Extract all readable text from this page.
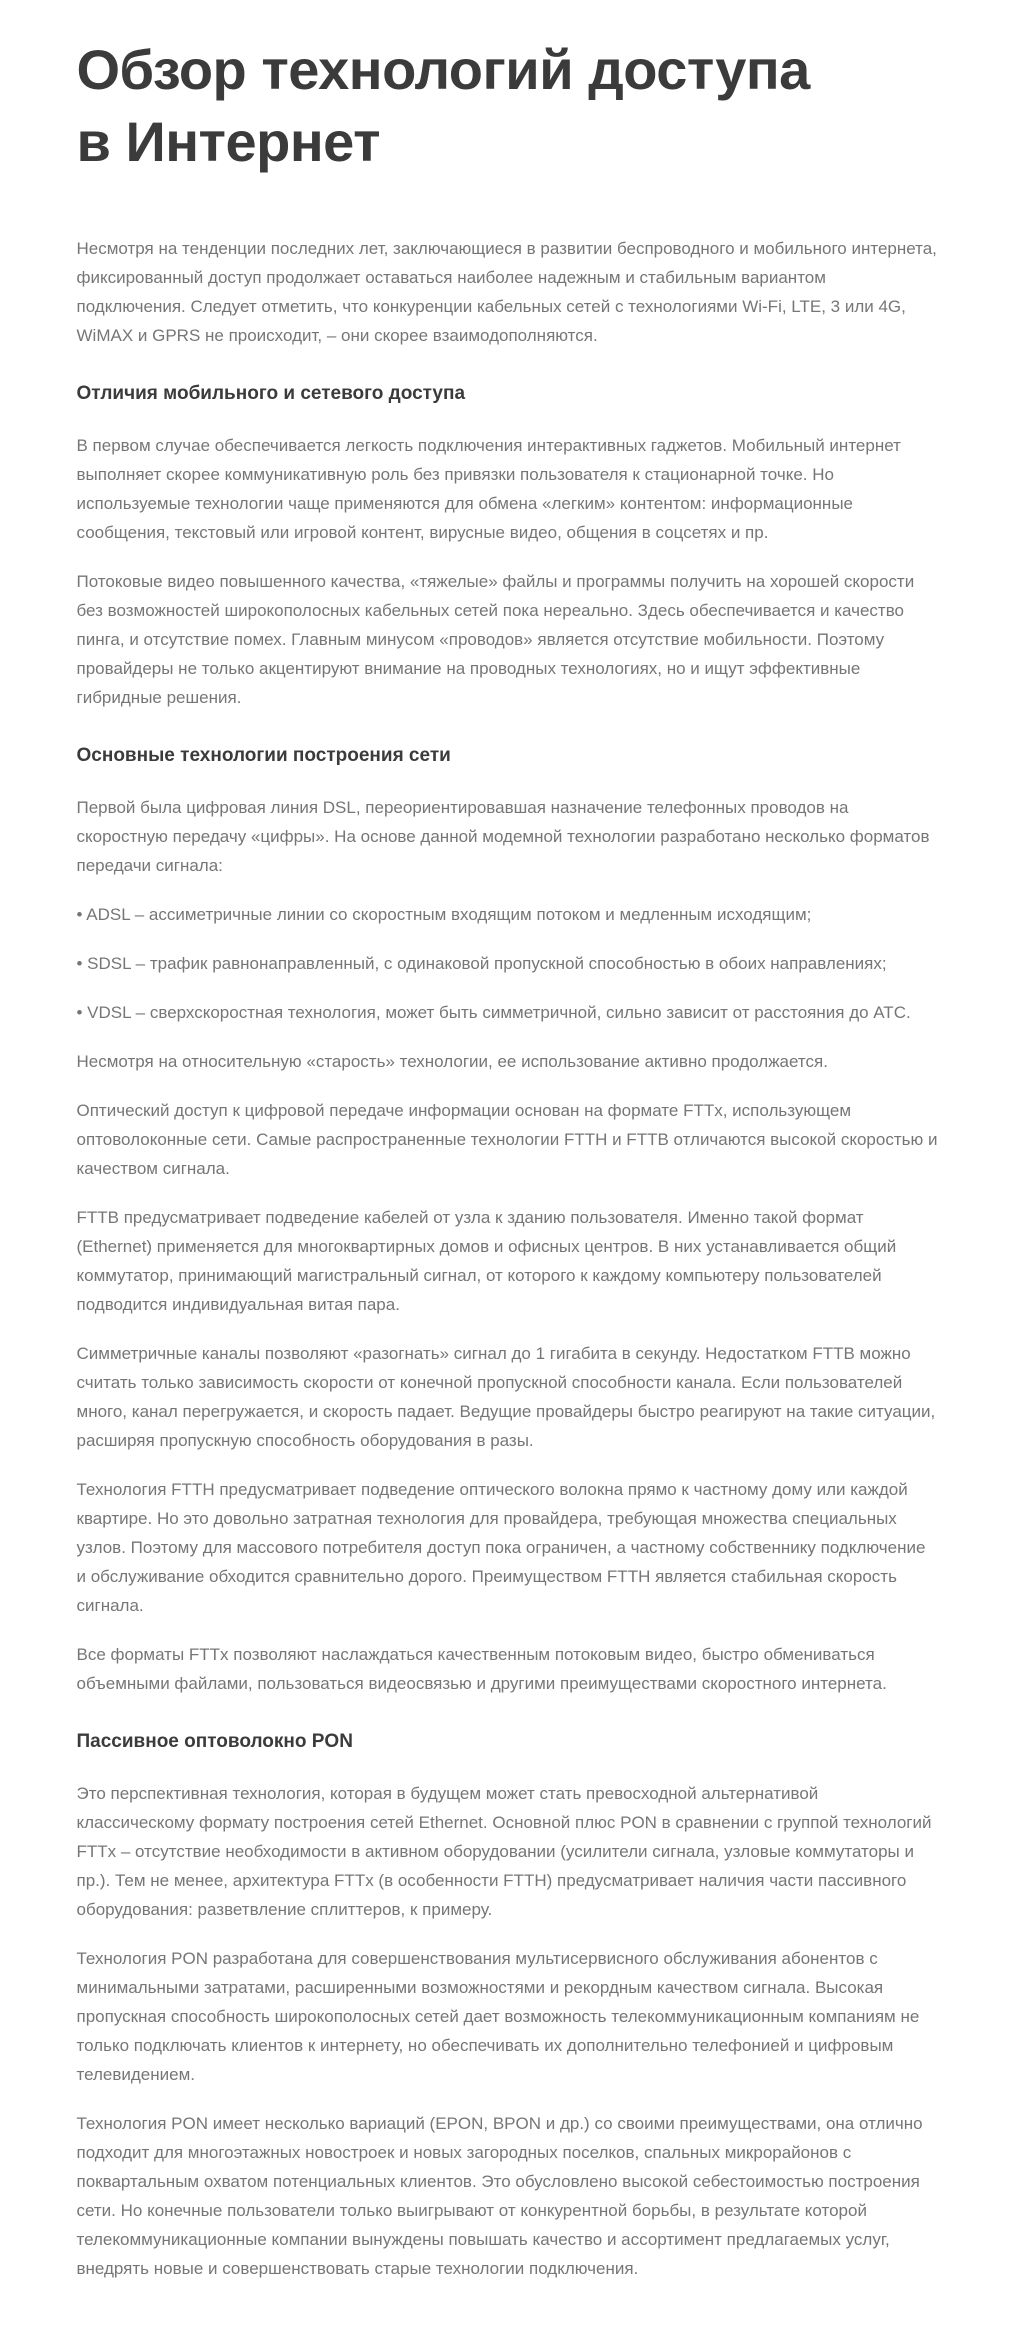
Обзор технологий доступа в Интернет

Несмотря на тенденции последних лет, заключающиеся в развитии беспроводного и мобильного интернета, фиксированный доступ продолжает оставаться наиболее надежным и стабильным вариантом подключения. Следует отметить, что конкуренции кабельных сетей с технологиями Wi-Fi, LTE, 3 или 4G, WiMAX и GPRS не происходит, – они скорее взаимодополняются.

Отличия мобильного и сетевого доступа

В первом случае обеспечивается легкость подключения интерактивных гаджетов. Мобильный интернет выполняет скорее коммуникативную роль без привязки пользователя к стационарной точке. Но используемые технологии чаще применяются для обмена «легким» контентом: информационные сообщения, текстовый или игровой контент, вирусные видео, общения в соцсетях и пр.

Потоковые видео повышенного качества, «тяжелые» файлы и программы получить на хорошей скорости без возможностей широкополосных кабельных сетей пока нереально. Здесь обеспечивается и качество пинга, и отсутствие помех. Главным минусом «проводов» является отсутствие мобильности. Поэтому провайдеры не только акцентируют внимание на проводных технологиях, но и ищут эффективные гибридные решения.

Основные технологии построения сети

Первой была цифровая линия DSL, переориентировавшая назначение телефонных проводов на скоростную передачу «цифры». На основе данной модемной технологии разработано несколько форматов передачи сигнала:

• ADSL – ассиметричные линии со скоростным входящим потоком и медленным исходящим;

• SDSL – трафик равнонаправленный, с одинаковой пропускной способностью в обоих направлениях;

• VDSL – сверхскоростная технология, может быть симметричной, сильно зависит от расстояния до АТС.

Несмотря на относительную «старость» технологии, ее использование активно продолжается.

Оптический доступ к цифровой передаче информации основан на формате FTTx, использующем оптоволоконные сети. Самые распространенные технологии FTTH и FTTB отличаются высокой скоростью и качеством сигнала.

FTTB предусматривает подведение кабелей от узла к зданию пользователя. Именно такой формат (Ethernet) применяется для многоквартирных домов и офисных центров. В них устанавливается общий коммутатор, принимающий магистральный сигнал, от которого к каждому компьютеру пользователей подводится индивидуальная витая пара.

Симметричные каналы позволяют «разогнать» сигнал до 1 гигабита в секунду. Недостатком FTTB можно считать только зависимость скорости от конечной пропускной способности канала. Если пользователей много, канал перегружается, и скорость падает. Ведущие провайдеры быстро реагируют на такие ситуации, расширяя пропускную способность оборудования в разы.

Технология FTTH предусматривает подведение оптического волокна прямо к частному дому или каждой квартире. Но это довольно затратная технология для провайдера, требующая множества специальных узлов. Поэтому для массового потребителя доступ пока ограничен, а частному собственнику подключение и обслуживание обходится сравнительно дорого. Преимуществом FTTH является стабильная скорость сигнала.

Все форматы FTTx позволяют наслаждаться качественным потоковым видео, быстро обмениваться объемными файлами, пользоваться видеосвязью и другими преимуществами скоростного интернета.

Пассивное оптоволокно PON

Это перспективная технология, которая в будущем может стать превосходной альтернативой классическому формату построения сетей Ethernet. Основной плюс PON в сравнении с группой технологий FTTx – отсутствие необходимости в активном оборудовании (усилители сигнала, узловые коммутаторы и пр.). Тем не менее, архитектура FTTx (в особенности FTTH) предусматривает наличия части пассивного оборудования: разветвление сплиттеров, к примеру.

Технология PON разработана для совершенствования мультисервисного обслуживания абонентов с минимальными затратами, расширенными возможностями и рекордным качеством сигнала. Высокая пропускная способность широкополосных сетей дает возможность телекоммуникационным компаниям не только подключать клиентов к интернету, но обеспечивать их дополнительно телефонией и цифровым телевидением.

Технология PON имеет несколько вариаций (EPON, BPON и др.) со своими преимуществами, она отлично подходит для многоэтажных новостроек и новых загородных поселков, спальных микрорайонов с поквартальным охватом потенциальных клиентов. Это обусловлено высокой себестоимостью построения сети. Но конечные пользователи только выигрывают от конкурентной борьбы, в результате которой телекоммуникационные компании вынуждены повышать качество и ассортимент предлагаемых услуг, внедрять новые и совершенствовать старые технологии подключения.
